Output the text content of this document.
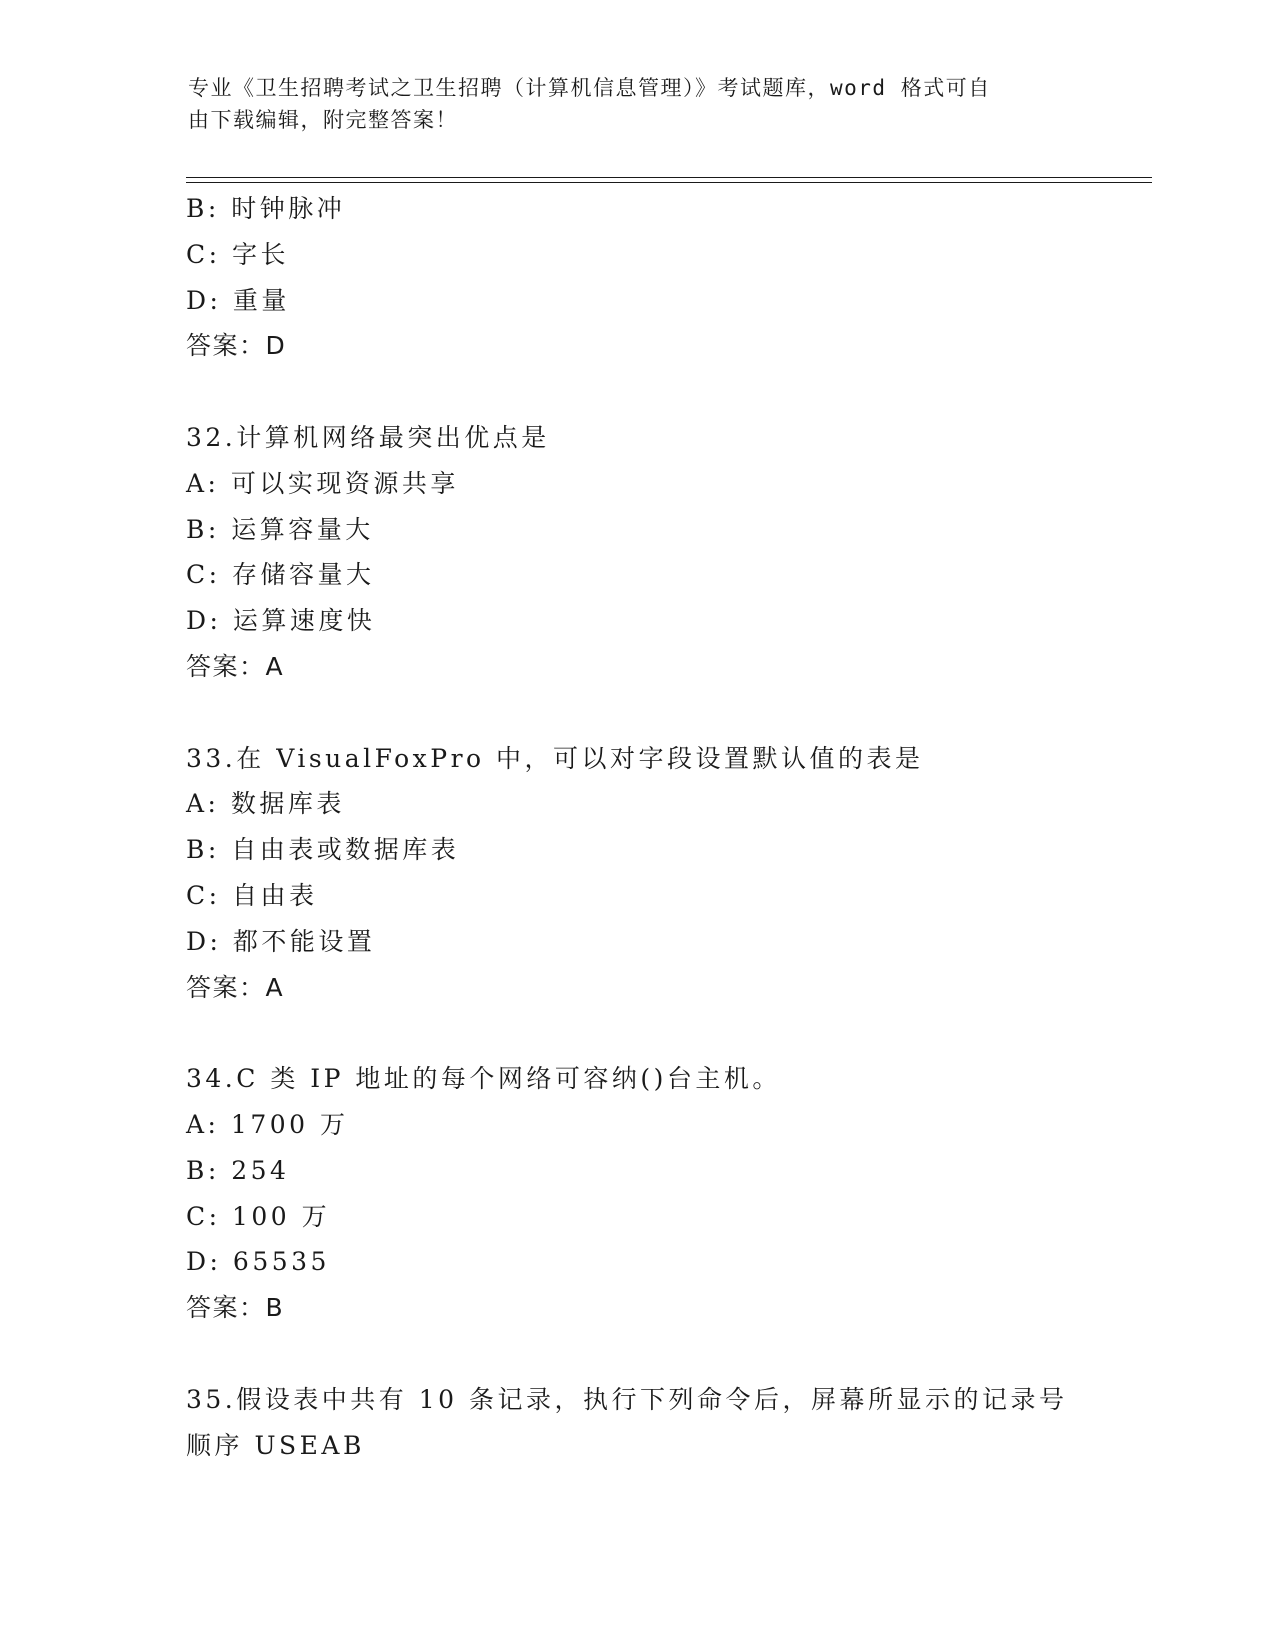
专业《卫生招聘考试之卫生招聘（计算机信息管理）》考试题库，word 格式可自
由下载编辑，附完整答案！
B: 时钟脉冲
C: 字长
D: 重量
答案：D
32.计算机网络最突出优点是
A: 可以实现资源共享
B: 运算容量大
C: 存储容量大
D: 运算速度快
答案：A
33.在 VisualFoxPro 中，可以对字段设置默认值的表是
A: 数据库表
B: 自由表或数据库表
C: 自由表
D: 都不能设置
答案：A
34.C 类 IP 地址的每个网络可容纳()台主机。
A: 1700 万
B: 254
C: 100 万
D: 65535
答案：B
35.假设表中共有 10 条记录，执行下列命令后，屏幕所显示的记录号
顺序 USEAB
